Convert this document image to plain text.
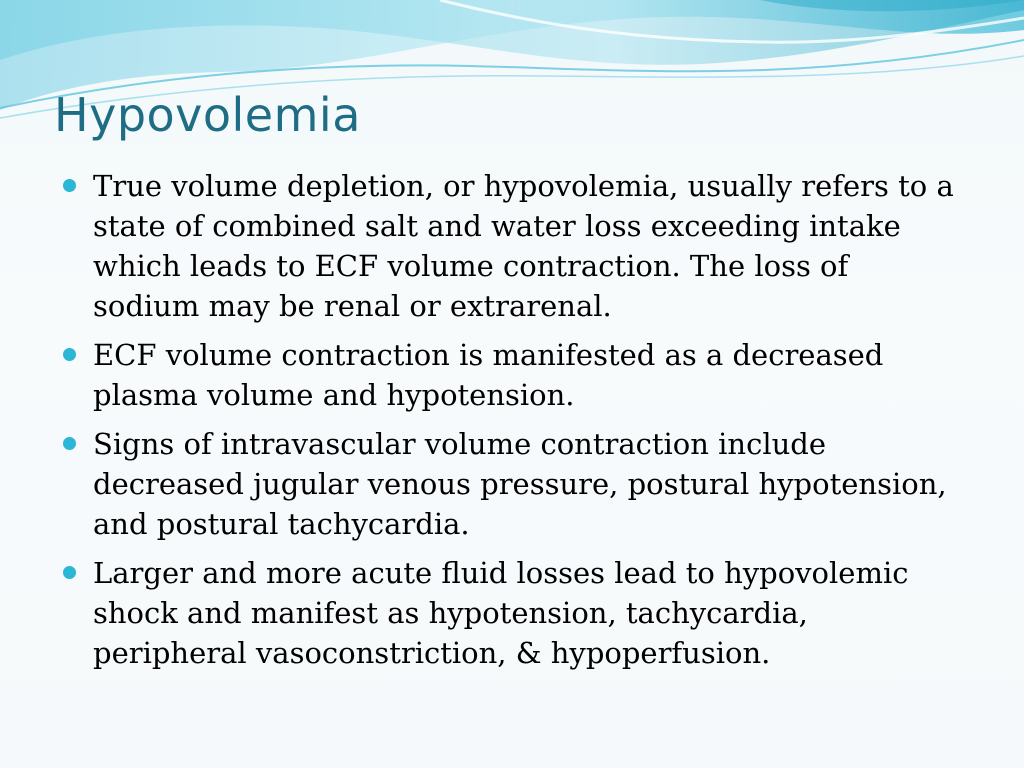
Hypovolemia
True volume depletion, or hypovolemia, usually refers to a state of combined salt and water loss exceeding intake which leads to ECF volume contraction. The loss of sodium may be renal or extrarenal.
ECF volume contraction is manifested as a decreased plasma volume and hypotension.
Signs of intravascular volume contraction include decreased jugular venous pressure, postural hypotension, and postural tachycardia.
Larger and more acute fluid losses lead to hypovolemic shock and manifest as hypotension, tachycardia, peripheral vasoconstriction, & hypoperfusion.
